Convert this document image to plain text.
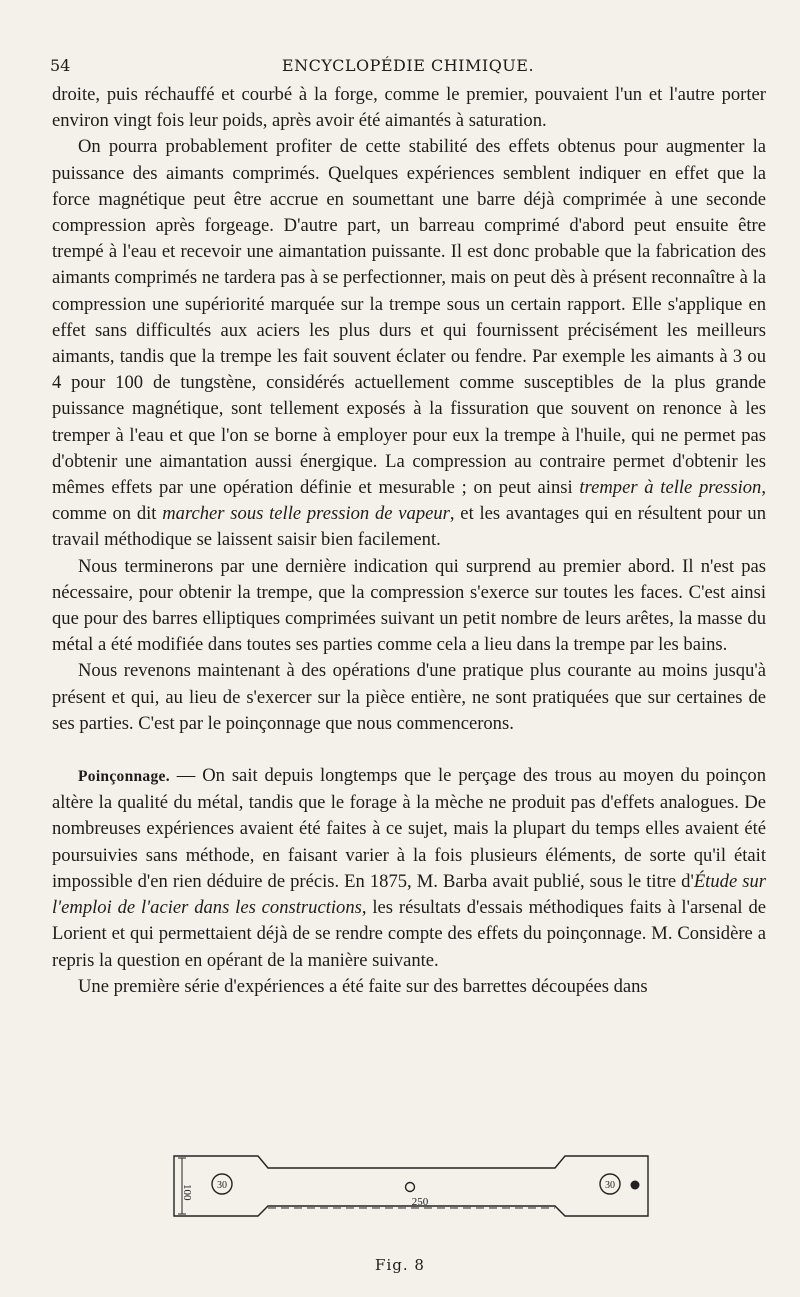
54	ENCYCLOPÉDIE CHIMIQUE.

droite, puis réchauffé et courbé à la forge, comme le premier, pouvaient l'un et l'autre porter environ vingt fois leur poids, après avoir été aimantés à saturation.

On pourra probablement profiter de cette stabilité des effets obtenus pour augmenter la puissance des aimants comprimés. Quelques expériences semblent indiquer en effet que la force magnétique peut être accrue en soumettant une barre déjà comprimée à une seconde compression après forgeage. D'autre part, un barreau comprimé d'abord peut ensuite être trempé à l'eau et recevoir une aimantation puissante. Il est donc probable que la fabrication des aimants comprimés ne tardera pas à se perfectionner, mais on peut dès à présent reconnaître à la compression une supériorité marquée sur la trempe sous un certain rapport. Elle s'applique en effet sans difficultés aux aciers les plus durs et qui fournissent précisément les meilleurs aimants, tandis que la trempe les fait souvent éclater ou fendre. Par exemple les aimants à 3 ou 4 pour 100 de tungstène, considérés actuellement comme susceptibles de la plus grande puissance magnétique, sont tellement exposés à la fissuration que souvent on renonce à les tremper à l'eau et que l'on se borne à employer pour eux la trempe à l'huile, qui ne permet pas d'obtenir une aimantation aussi énergique. La compression au contraire permet d'obtenir les mêmes effets par une opération définie et mesurable ; on peut ainsi tremper à telle pression, comme on dit marcher sous telle pression de vapeur, et les avantages qui en résultent pour un travail méthodique se laissent saisir bien facilement.

Nous terminerons par une dernière indication qui surprend au premier abord. Il n'est pas nécessaire, pour obtenir la trempe, que la compression s'exerce sur toutes les faces. C'est ainsi que pour des barres elliptiques comprimées suivant un petit nombre de leurs arêtes, la masse du métal a été modifiée dans toutes ses parties comme cela a lieu dans la trempe par les bains.

Nous revenons maintenant à des opérations d'une pratique plus courante au moins jusqu'à présent et qui, au lieu de s'exercer sur la pièce entière, ne sont pratiquées que sur certaines de ses parties. C'est par le poinçonnage que nous commencerons.

Poinçonnage. — On sait depuis longtemps que le perçage des trous au moyen du poinçon altère la qualité du métal, tandis que le forage à la mèche ne produit pas d'effets analogues. De nombreuses expériences avaient été faites à ce sujet, mais la plupart du temps elles avaient été poursuivies sans méthode, en faisant varier à la fois plusieurs éléments, de sorte qu'il était impossible d'en rien déduire de précis. En 1875, M. Barba avait publié, sous le titre d'Étude sur l'emploi de l'acier dans les constructions, les résultats d'essais méthodiques faits à l'arsenal de Lorient et qui permettaient déjà de se rendre compte des effets du poinçonnage. M. Considère a repris la question en opérant de la manière suivante.

Une première série d'expériences a été faite sur des barrettes découpées dans

100 30	30
250
Fig. 8
